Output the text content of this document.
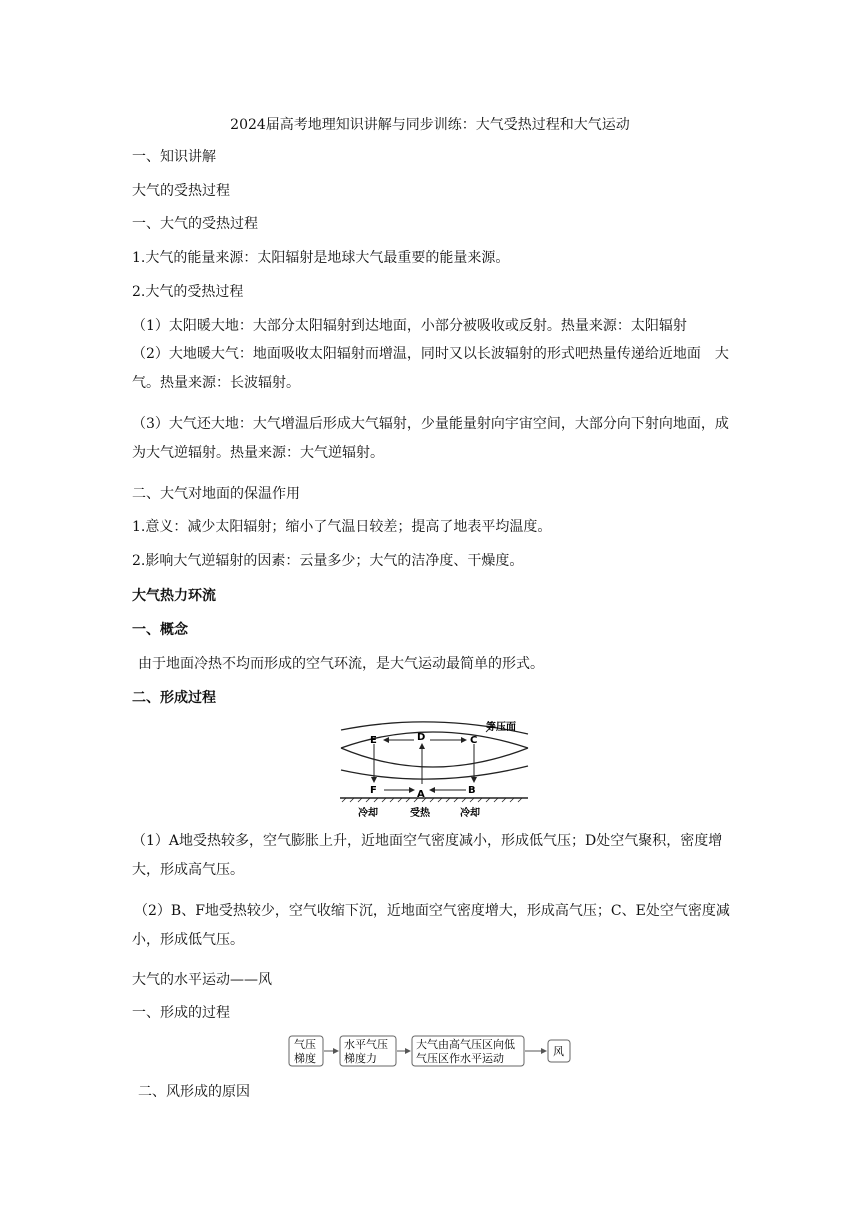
2024届高考地理知识讲解与同步训练：大气受热过程和大气运动
一、知识讲解
大气的受热过程
一、大气的受热过程
1.大气的能量来源：太阳辐射是地球大气最重要的能量来源。
2.大气的受热过程
（1）太阳暖大地：大部分太阳辐射到达地面，小部分被吸收或反射。热量来源：太阳辐射
（2）大地暖大气：地面吸收太阳辐射而增温，同时又以长波辐射的形式吧热量传递给近地面　大气。热量来源：长波辐射。
（3）大气还大地：大气增温后形成大气辐射，少量能量射向宇宙空间，大部分向下射向地面，成为大气逆辐射。热量来源：大气逆辐射。
二、大气对地面的保温作用
1.意义：减少太阳辐射；缩小了气温日较差；提高了地表平均温度。
2.影响大气逆辐射的因素：云量多少；大气的洁净度、干燥度。
大气热力环流
一、概念
由于地面冷热不均而形成的空气环流，是大气运动最简单的形式。
二、形成过程
等压面
E	D	C
F	A	B
冷却	受热	冷却
（1）A地受热较多，空气膨胀上升，近地面空气密度减小，形成低气压；D处空气聚积，密度增大，形成高气压。
（2）B、F地受热较少，空气收缩下沉，近地面空气密度增大，形成高气压；C、E处空气密度减小，形成低气压。
大气的水平运动——风
一、形成的过程
气压
梯度
水平气压
梯度力
大气由高气压区向低
气压区作水平运动
风
二、风形成的原因
